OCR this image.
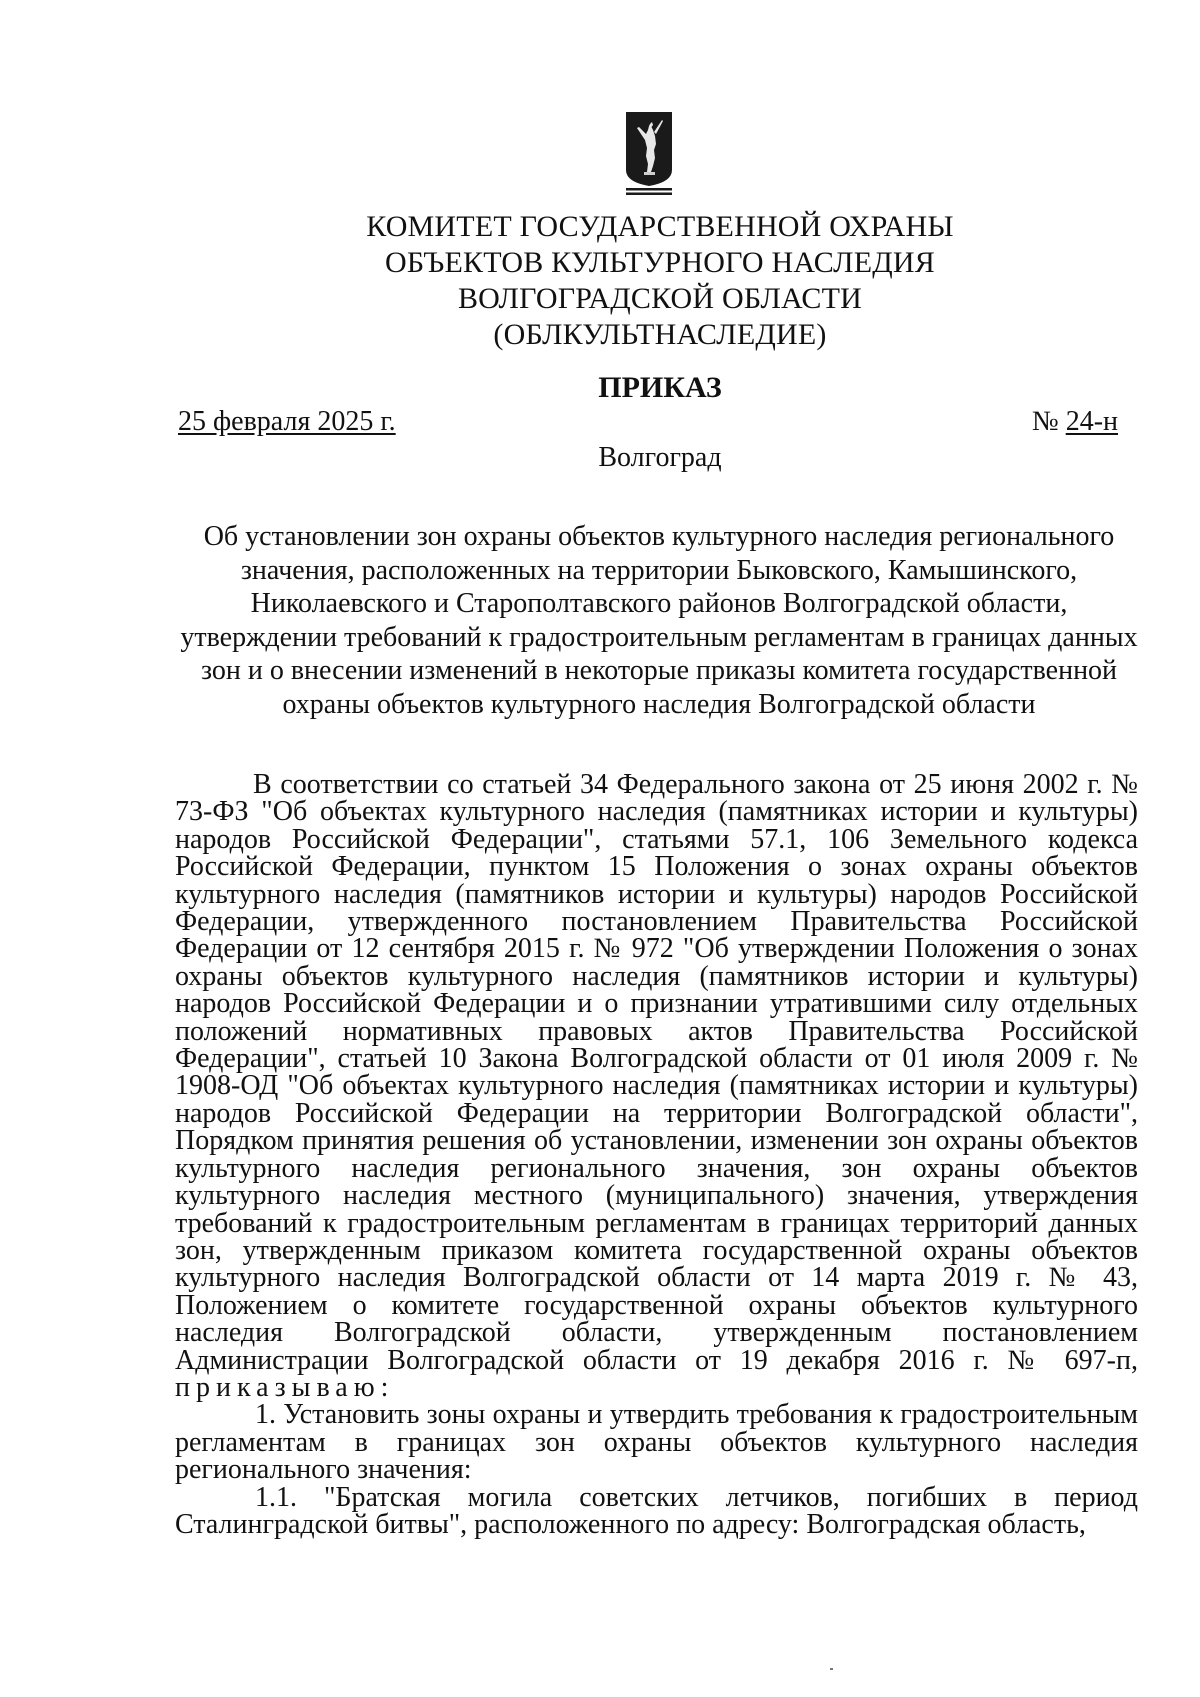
КОМИТЕТ ГОСУДАРСТВЕННОЙ ОХРАНЫ
ОБЪЕКТОВ КУЛЬТУРНОГО НАСЛЕДИЯ
ВОЛГОГРАДСКОЙ ОБЛАСТИ
(ОБЛКУЛЬТНАСЛЕДИЕ)
ПРИКАЗ
25 февраля 2025 г.	№ 24-н
Волгоград

Об установлении зон охраны объектов культурного наследия регионального значения, расположенных на территории Быковского, Камышинского, Николаевского и Старополтавского районов Волгоградской области, утверждении требований к градостроительным регламентам в границах данных зон и о внесении изменений в некоторые приказы комитета государственной охраны объектов культурного наследия Волгоградской области

В соответствии со статьей 34 Федерального закона от 25 июня 2002 г. № 73-ФЗ "Об объектах культурного наследия (памятниках истории и культуры) народов Российской Федерации", статьями 57.1, 106 Земельного кодекса Российской Федерации, пунктом 15 Положения о зонах охраны объектов культурного наследия (памятников истории и культуры) народов Российской Федерации, утвержденного постановлением Правительства Российской Федерации от 12 сентября 2015 г. № 972 "Об утверждении Положения о зонах охраны объектов культурного наследия (памятников истории и культуры) народов Российской Федерации и о признании утратившими силу отдельных положений нормативных правовых актов Правительства Российской Федерации", статьей 10 Закона Волгоградской области от 01 июля 2009 г. № 1908-ОД "Об объектах культурного наследия (памятниках истории и культуры) народов Российской Федерации на территории Волгоградской области", Порядком принятия решения об установлении, изменении зон охраны объектов культурного наследия регионального значения, зон охраны объектов культурного наследия местного (муниципального) значения, утверждения требований к градостроительным регламентам в границах территорий данных зон, утвержденным приказом комитета государственной охраны объектов культурного наследия Волгоградской области от 14 марта 2019 г. № 43, Положением о комитете государственной охраны объектов культурного наследия Волгоградской области, утвержденным постановлением Администрации Волгоградской области от 19 декабря 2016 г. № 697-п, приказываю:

1. Установить зоны охраны и утвердить требования к градостроительным регламентам в границах зон охраны объектов культурного наследия регионального значения:

1.1. "Братская могила советских летчиков, погибших в период Сталинградской битвы", расположенного по адресу: Волгоградская область,
